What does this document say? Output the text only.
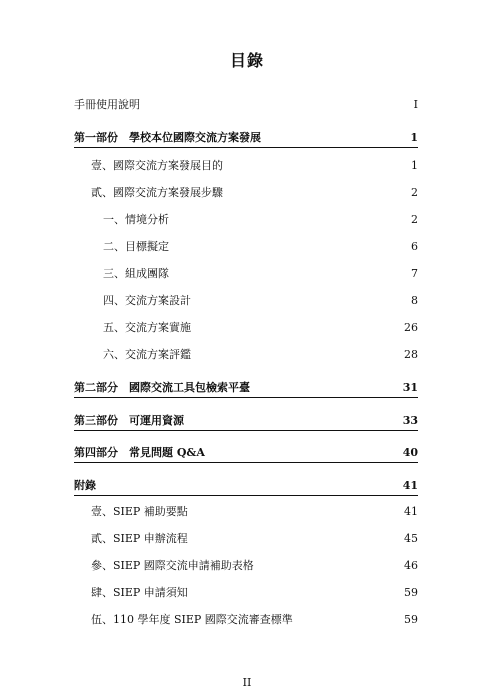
目錄
手冊使用說明	I
第一部份　學校本位國際交流方案發展	1
壹、國際交流方案發展目的	1
貳、國際交流方案發展步驟	2
一、情境分析	2
二、目標擬定	6
三、組成團隊	7
四、交流方案設計	8
五、交流方案實施	26
六、交流方案評鑑	28
第二部分　國際交流工具包檢索平臺	31
第三部份　可運用資源	33
第四部分　常見問題 Q&A	40
附錄	41
壹、SIEP 補助要點	41
貳、SIEP 申辦流程	45
參、SIEP 國際交流申請補助表格	46
肆、SIEP 申請須知	59
伍、110 學年度 SIEP 國際交流審查標準	59
II
